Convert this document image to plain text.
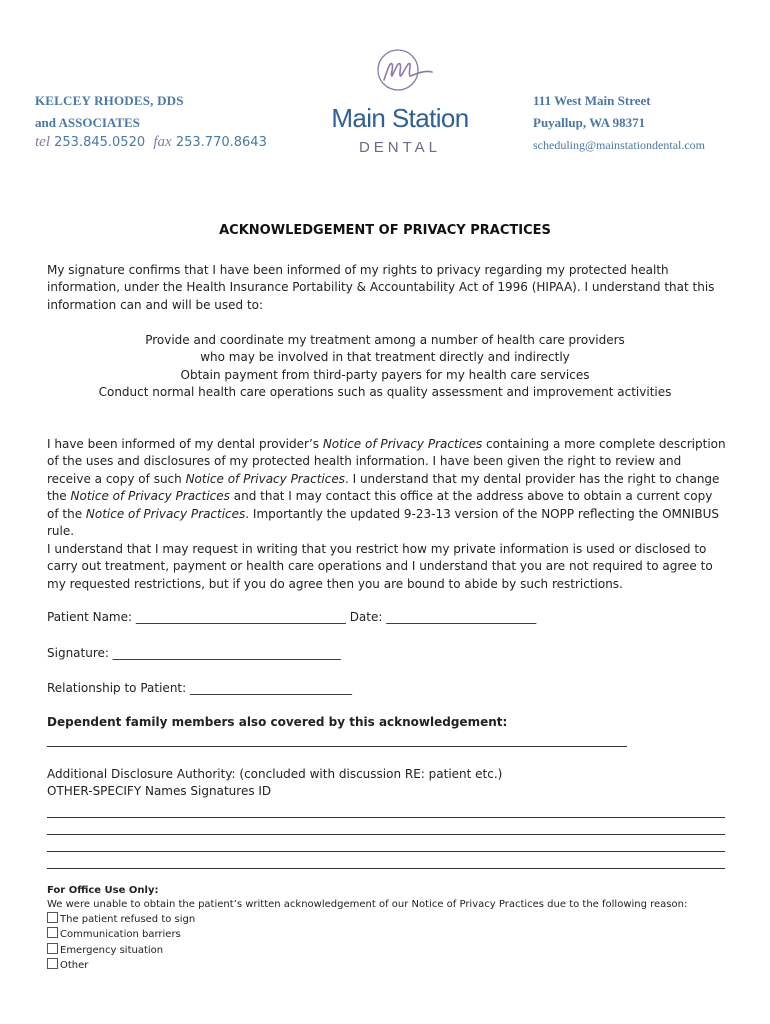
KELCEY RHODES, DDS
and ASSOCIATES
tel 253.845.0520 fax 253.770.8643
Main Station
DENTAL
111 West Main Street
Puyallup, WA 98371
scheduling@mainstationdental.com
ACKNOWLEDGEMENT OF PRIVACY PRACTICES
My signature confirms that I have been informed of my rights to privacy regarding my protected health information, under the Health Insurance Portability & Accountability Act of 1996 (HIPAA). I understand that this information can and will be used to:
Provide and coordinate my treatment among a number of health care providers
who may be involved in that treatment directly and indirectly
Obtain payment from third-party payers for my health care services
Conduct normal health care operations such as quality assessment and improvement activities
I have been informed of my dental provider’s Notice of Privacy Practices containing a more complete description of the uses and disclosures of my protected health information. I have been given the right to review and receive a copy of such Notice of Privacy Practices. I understand that my dental provider has the right to change the Notice of Privacy Practices and that I may contact this office at the address above to obtain a current copy of the Notice of Privacy Practices. Importantly the updated 9-23-13 version of the NOPP reflecting the OMNIBUS rule.
I understand that I may request in writing that you restrict how my private information is used or disclosed to carry out treatment, payment or health care operations and I understand that you are not required to agree to my requested restrictions, but if you do agree then you are bound to abide by such restrictions.
Patient Name: ___________________________________ Date: _________________________
Signature: ______________________________________
Relationship to Patient: ___________________________
Dependent family members also covered by this acknowledgement:
Additional Disclosure Authority: (concluded with discussion RE: patient etc.)
OTHER-SPECIFY Names Signatures ID
For Office Use Only:
We were unable to obtain the patient’s written acknowledgement of our Notice of Privacy Practices due to the following reason:
The patient refused to sign
Communication barriers
Emergency situation
Other
